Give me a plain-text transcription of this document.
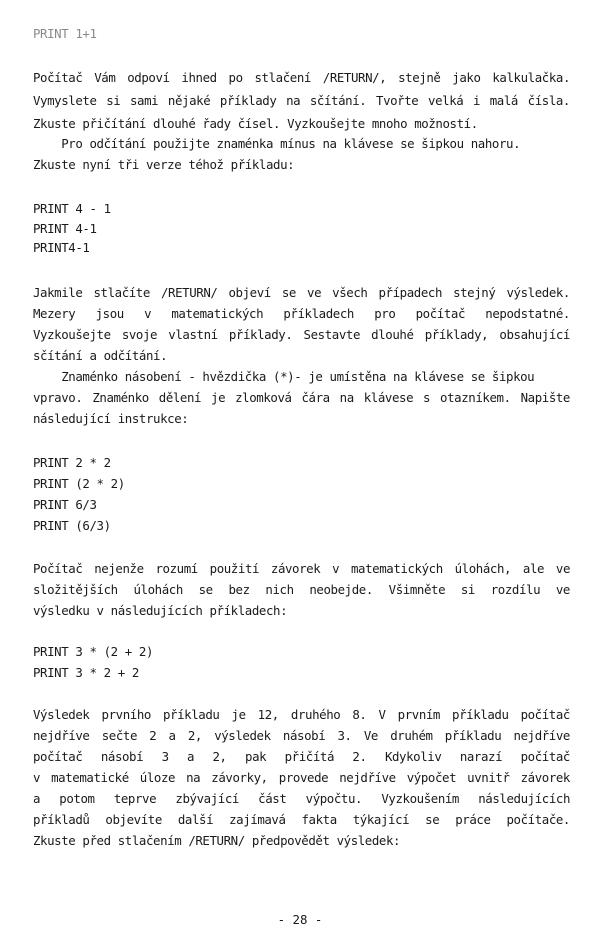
PRINT 1+1
Počítač Vám odpoví ihned po stlačení /RETURN/, stejně jako kalkulačka.
Vymyslete si sami nějaké příklady na sčítání. Tvořte velká i malá čísla.
Zkuste přičítání dlouhé řady čísel. Vyzkoušejte mnoho možností.
Pro odčítání použijte znaménka mínus na klávese se šipkou nahoru.
Zkuste nyní tři verze téhož příkladu:
PRINT 4 - 1
PRINT 4-1
PRINT4-1
Jakmile stlačíte /RETURN/ objeví se ve všech případech stejný výsledek.
Mezery jsou v matematických příkladech pro počítač nepodstatné.
Vyzkoušejte svoje vlastní příklady. Sestavte dlouhé příklady, obsahující
sčítání a odčítání.
Znaménko násobení - hvězdička (*)- je umístěna na klávese se šipkou
vpravo. Znaménko dělení je zlomková čára na klávese s otazníkem. Napište
následující instrukce:
PRINT 2 * 2
PRINT (2 * 2)
PRINT 6/3
PRINT (6/3)
Počítač nejenže rozumí použití závorek v matematických úlohách, ale ve
složitějších úlohách se bez nich neobejde. Všimněte si rozdílu ve
výsledku v následujících příkladech:
PRINT 3 * (2 + 2)
PRINT 3 * 2 + 2
Výsledek prvního příkladu je 12, druhého 8. V prvním příkladu počítač
nejdříve sečte 2 a 2, výsledek násobí 3. Ve druhém příkladu nejdříve
počítač násobí 3 a 2, pak přičítá 2. Kdykoliv narazí počítač
v matematické úloze na závorky, provede nejdříve výpočet uvnitř závorek
a potom teprve zbývající část výpočtu. Vyzkoušením následujících
příkladů objevíte další zajímavá fakta týkající se práce počítače.
Zkuste před stlačením /RETURN/ předpovědět výsledek:
- 28 -
